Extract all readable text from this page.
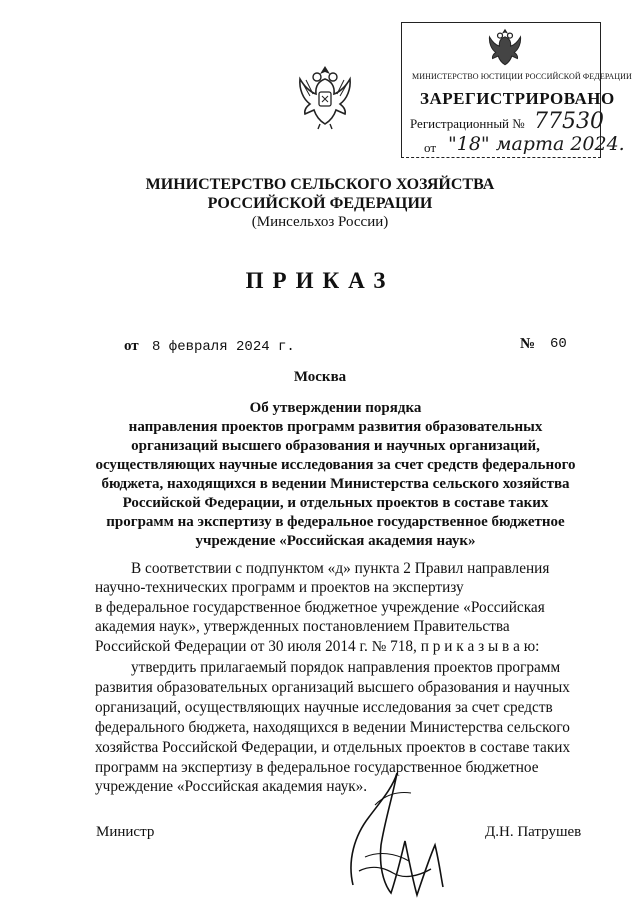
МИНИСТЕРСТВО ЮСТИЦИИ РОССИЙСКОЙ ФЕДЕРАЦИИ
ЗАРЕГИСТРИРОВАНО
Регистрационный № 77530
от "18" марта 2024.
МИНИСТЕРСТВО СЕЛЬСКОГО ХОЗЯЙСТВА
РОССИЙСКОЙ ФЕДЕРАЦИИ
(Минсельхоз России)
ПРИКАЗ
от 8 февраля 2024 г.	№ 60
Москва
Об утверждении порядка
направления проектов программ развития образовательных
организаций высшего образования и научных организаций,
осуществляющих научные исследования за счет средств федерального
бюджета, находящихся в ведении Министерства сельского хозяйства
Российской Федерации, и отдельных проектов в составе таких
программ на экспертизу в федеральное государственное бюджетное
учреждение «Российская академия наук»
В соответствии с подпунктом «д» пункта 2 Правил направления
научно-технических программ и проектов на экспертизу
в федеральное государственное бюджетное учреждение «Российская
академия наук», утвержденных постановлением Правительства
Российской Федерации от 30 июля 2014 г. № 718, п р и к а з ы в а ю:
утвердить прилагаемый порядок направления проектов программ
развития образовательных организаций высшего образования и научных
организаций, осуществляющих научные исследования за счет средств
федерального бюджета, находящихся в ведении Министерства сельского
хозяйства Российской Федерации, и отдельных проектов в составе таких
программ на экспертизу в федеральное государственное бюджетное
учреждение «Российская академия наук».
Министр	Д.Н. Патрушев
